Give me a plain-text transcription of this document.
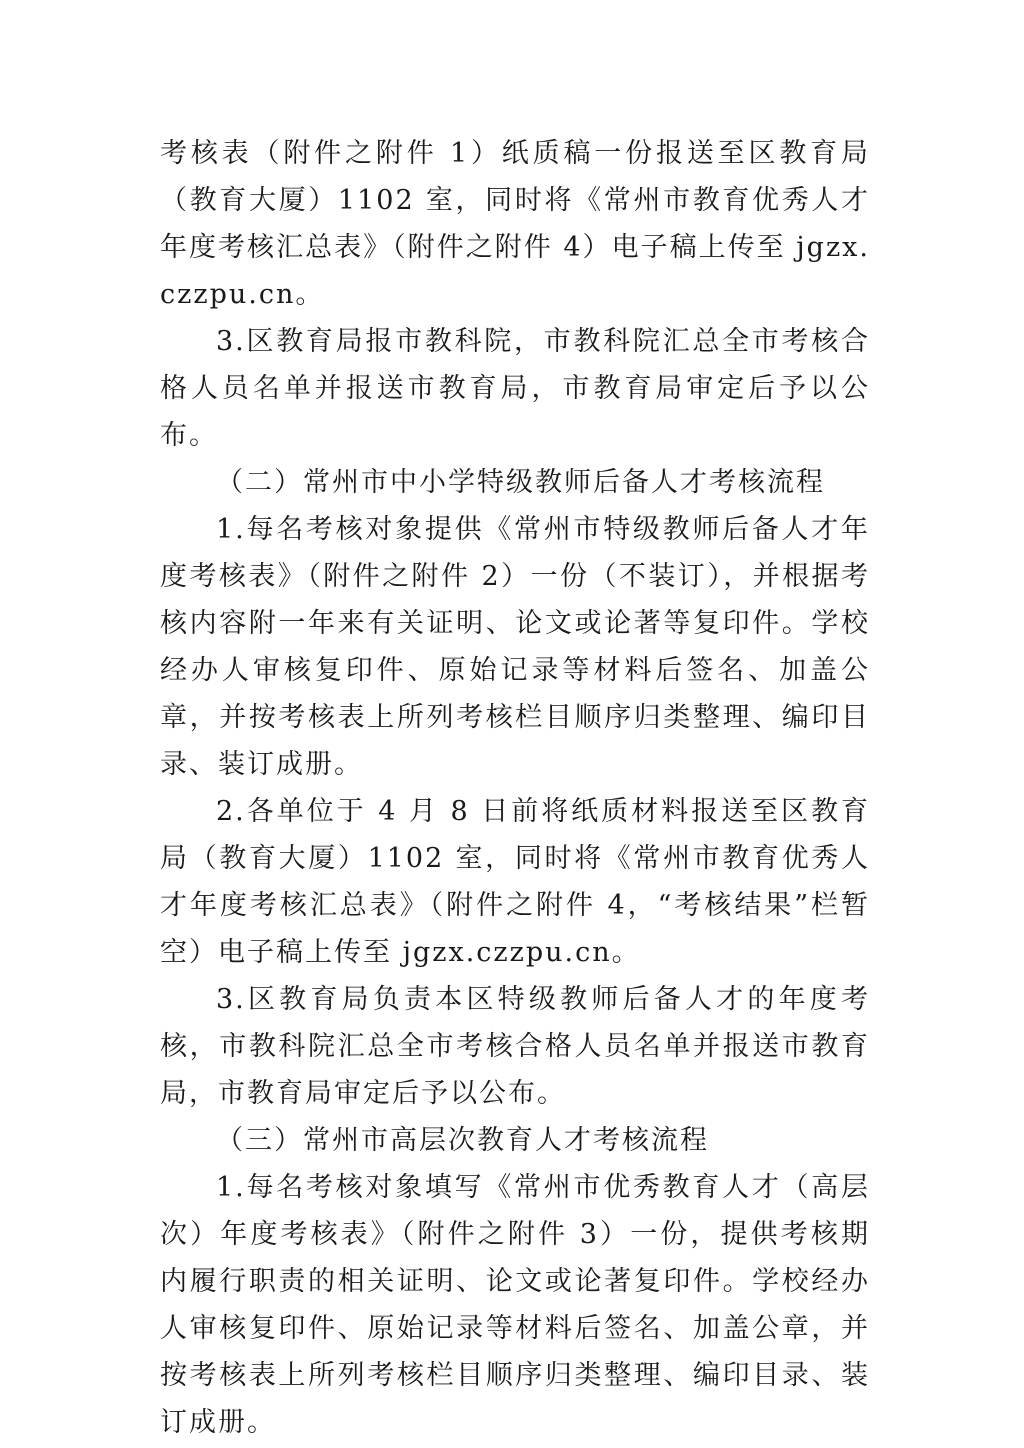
考核表（附件之附件 1）纸质稿一份报送至区教育局（教育大厦）1102 室，同时将《常州市教育优秀人才年度考核汇总表》（附件之附件 4）电子稿上传至 jgzx.czzpu.cn。

3.区教育局报市教科院，市教科院汇总全市考核合格人员名单并报送市教育局，市教育局审定后予以公布。

（二）常州市中小学特级教师后备人才考核流程

1.每名考核对象提供《常州市特级教师后备人才年度考核表》（附件之附件 2）一份（不装订），并根据考核内容附一年来有关证明、论文或论著等复印件。学校经办人审核复印件、原始记录等材料后签名、加盖公章，并按考核表上所列考核栏目顺序归类整理、编印目录、装订成册。

2.各单位于 4 月 8 日前将纸质材料报送至区教育局（教育大厦）1102 室，同时将《常州市教育优秀人才年度考核汇总表》（附件之附件 4，“考核结果”栏暂空）电子稿上传至 jgzx.czzpu.cn。

3.区教育局负责本区特级教师后备人才的年度考核，市教科院汇总全市考核合格人员名单并报送市教育局，市教育局审定后予以公布。

（三）常州市高层次教育人才考核流程

1.每名考核对象填写《常州市优秀教育人才（高层次）年度考核表》（附件之附件 3）一份，提供考核期内履行职责的相关证明、论文或论著复印件。学校经办人审核复印件、原始记录等材料后签名、加盖公章，并按考核表上所列考核栏目顺序归类整理、编印目录、装订成册。
